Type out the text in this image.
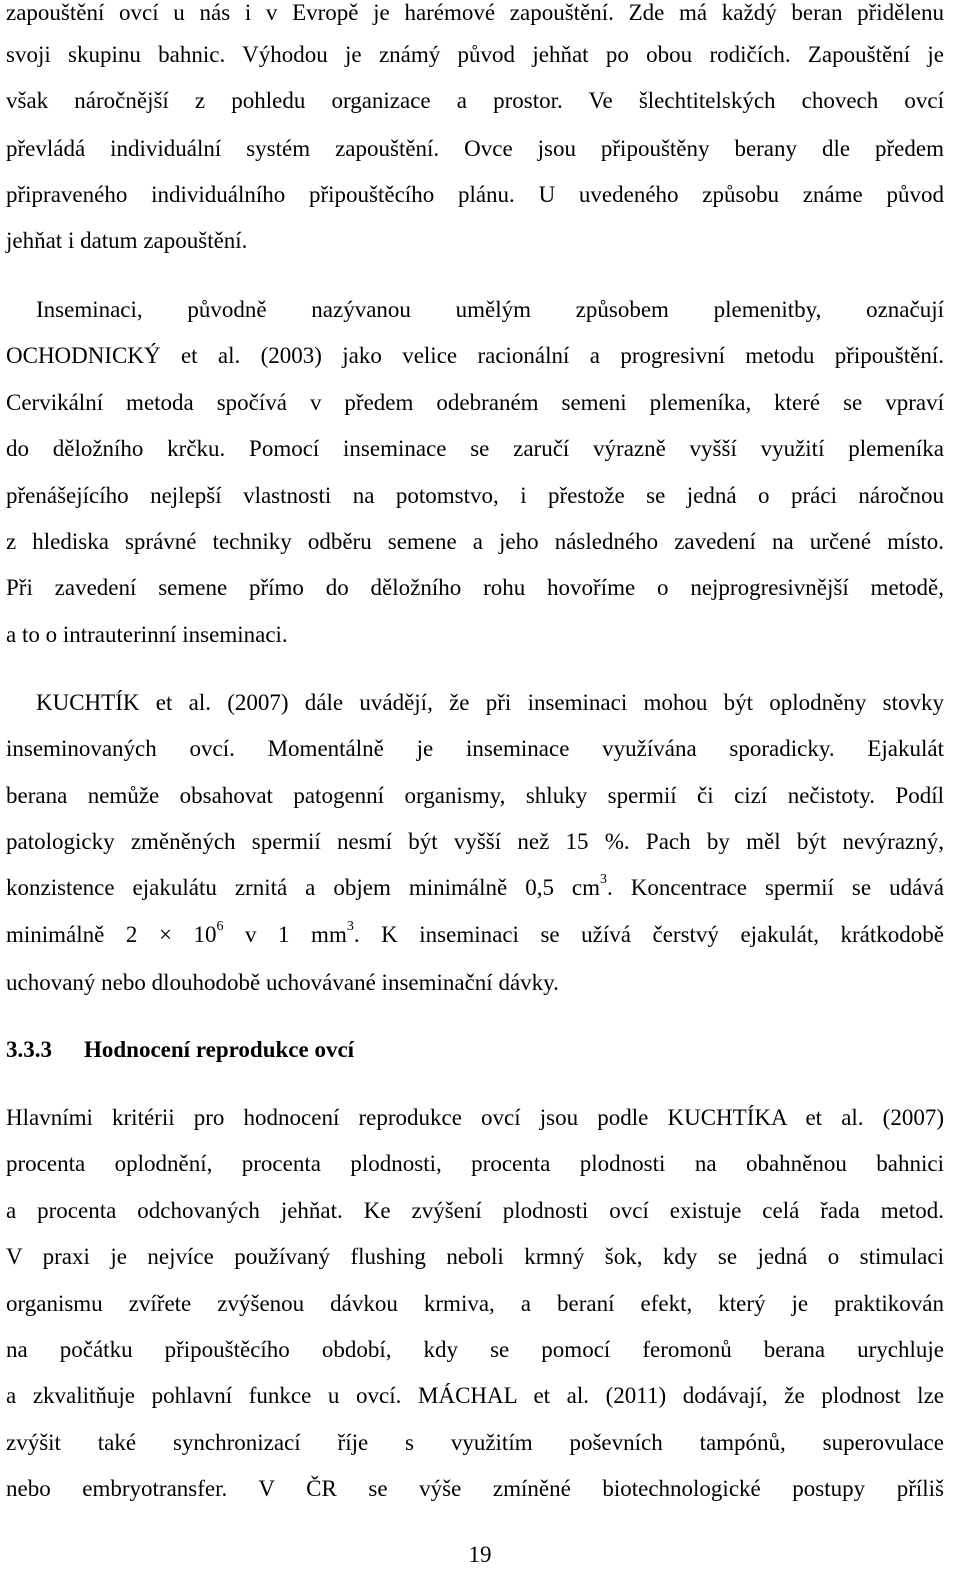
zapouštění ovcí u nás i v Evropě je harémové zapouštění. Zde má každý beran přidělenu
svoji skupinu bahnic. Výhodou je známý původ jehňat po obou rodičích. Zapouštění je
však náročnější z pohledu organizace a prostor. Ve šlechtitelských chovech ovcí
převládá individuální systém zapouštění. Ovce jsou připouštěny berany dle předem
připraveného individuálního připouštěcího plánu. U uvedeného způsobu známe původ
jehňat i datum zapouštění.
Inseminaci, původně nazývanou umělým způsobem plemenitby, označují
OCHODNICKÝ et al. (2003) jako velice racionální a progresivní metodu připouštění.
Cervikální metoda spočívá v předem odebraném semeni plemeníka, které se vpraví
do děložního krčku. Pomocí inseminace se zaručí výrazně vyšší využití plemeníka
přenášejícího nejlepší vlastnosti na potomstvo, i přestože se jedná o práci náročnou
z hlediska správné techniky odběru semene a jeho následného zavedení na určené místo.
Při zavedení semene přímo do děložního rohu hovoříme o nejprogresivnější metodě,
a to o intrauterinní inseminaci.
KUCHTÍK et al. (2007) dále uvádějí, že při inseminaci mohou být oplodněny stovky
inseminovaných ovcí. Momentálně je inseminace využívána sporadicky. Ejakulát
berana nemůže obsahovat patogenní organismy, shluky spermií či cizí nečistoty. Podíl
patologicky změněných spermií nesmí být vyšší než 15 %. Pach by měl být nevýrazný,
konzistence ejakulátu zrnitá a objem minimálně 0,5 $cm^3$. Koncentrace spermií se udává
minimálně $2 \times 10^6$ v 1 $mm^3$. K inseminaci se užívá čerstvý ejakulát, krátkodobě
uchovaný nebo dlouhodobě uchovávané inseminační dávky.
3.3.3 Hodnocení reprodukce ovcí
Hlavními kritérii pro hodnocení reprodukce ovcí jsou podle KUCHTÍKA et al. (2007)
procenta oplodnění, procenta plodnosti, procenta plodnosti na obahněnou bahnici
a procenta odchovaných jehňat. Ke zvýšení plodnosti ovcí existuje celá řada metod.
V praxi je nejvíce používaný flushing neboli krmný šok, kdy se jedná o stimulaci
organismu zvířete zvýšenou dávkou krmiva, a beraní efekt, který je praktikován
na počátku připouštěcího období, kdy se pomocí feromonů berana urychluje
a zkvalitňuje pohlavní funkce u ovcí. MÁCHAL et al. (2011) dodávají, že plodnost lze
zvýšit také synchronizací říje s využitím poševních tampónů, superovulace
nebo embryotransfer. V ČR se výše zmíněné biotechnologické postupy příliš
19
